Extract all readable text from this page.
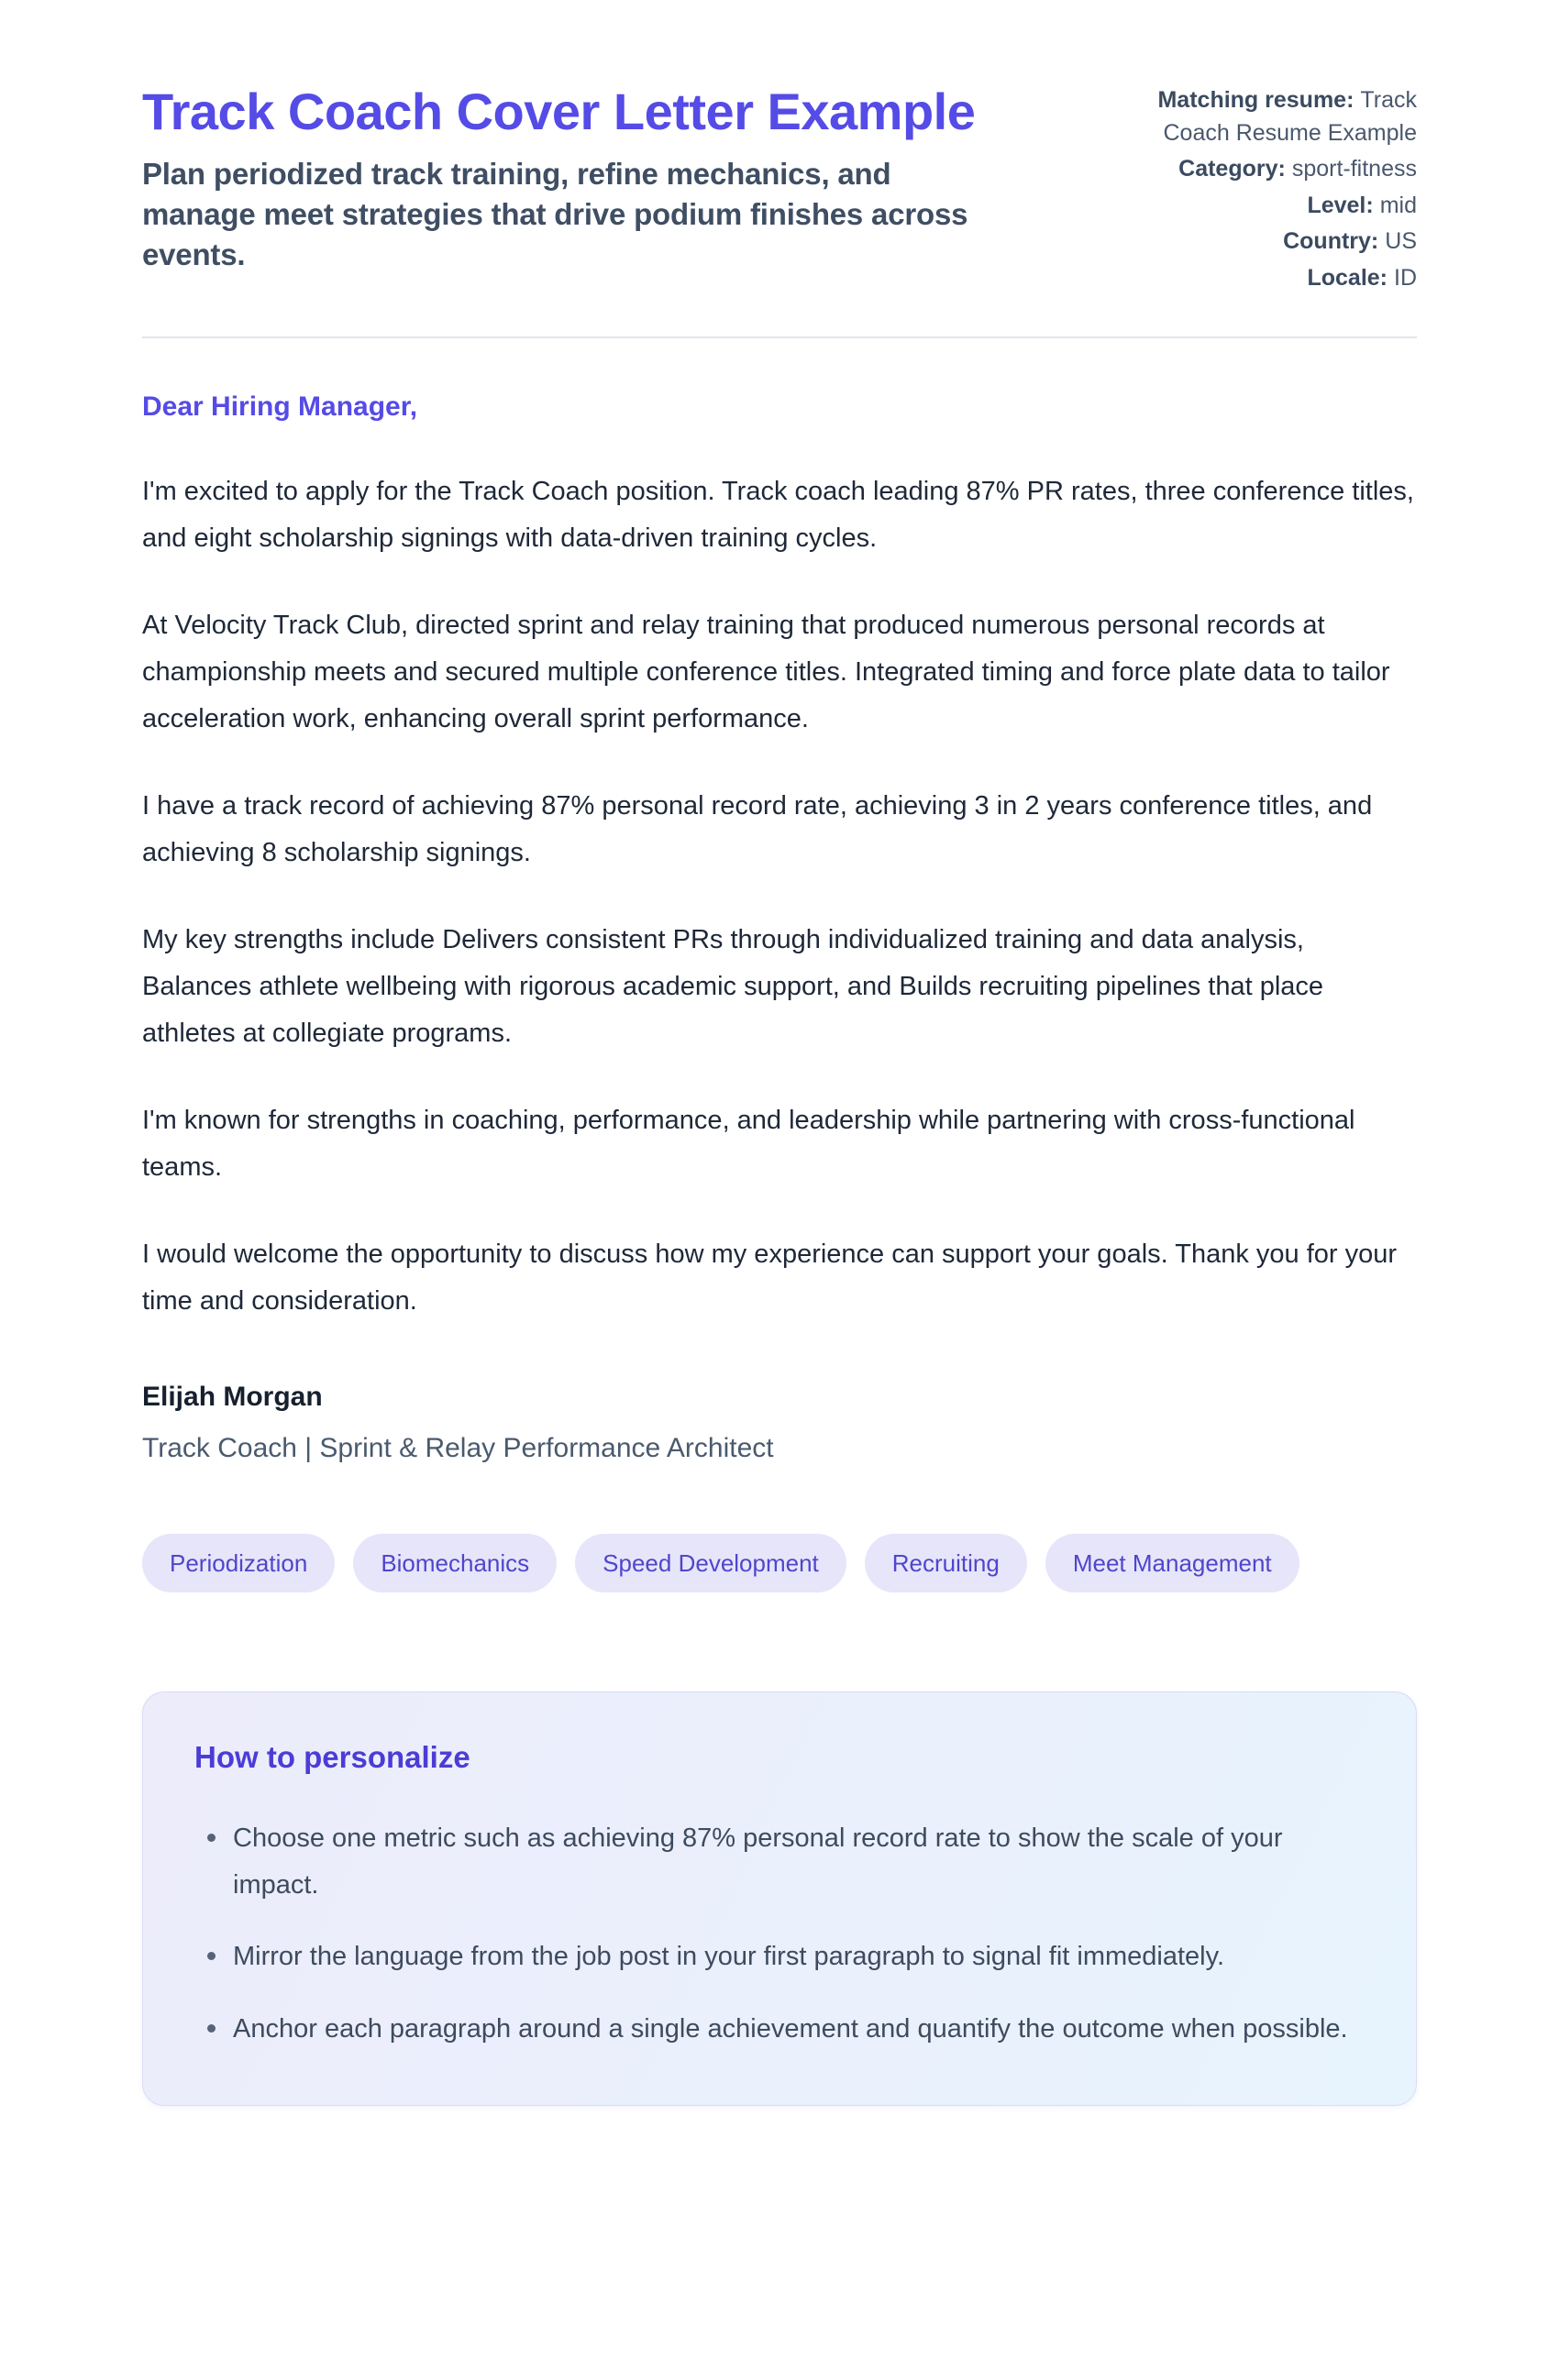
Track Coach Cover Letter Example
Plan periodized track training, refine mechanics, and manage meet strategies that drive podium finishes across events.
Matching resume: Track Coach Resume Example
Category: sport-fitness
Level: mid
Country: US
Locale: ID
Dear Hiring Manager,

I'm excited to apply for the Track Coach position. Track coach leading 87% PR rates, three conference titles, and eight scholarship signings with data-driven training cycles.

At Velocity Track Club, directed sprint and relay training that produced numerous personal records at championship meets and secured multiple conference titles. Integrated timing and force plate data to tailor acceleration work, enhancing overall sprint performance.

I have a track record of achieving 87% personal record rate, achieving 3 in 2 years conference titles, and achieving 8 scholarship signings.

My key strengths include Delivers consistent PRs through individualized training and data analysis, Balances athlete wellbeing with rigorous academic support, and Builds recruiting pipelines that place athletes at collegiate programs.

I'm known for strengths in coaching, performance, and leadership while partnering with cross-functional teams.

I would welcome the opportunity to discuss how my experience can support your goals. Thank you for your time and consideration.

Elijah Morgan
Track Coach | Sprint & Relay Performance Architect
Periodization	Biomechanics	Speed Development	Recruiting	Meet Management
How to personalize
Choose one metric such as achieving 87% personal record rate to show the scale of your impact.
Mirror the language from the job post in your first paragraph to signal fit immediately.
Anchor each paragraph around a single achievement and quantify the outcome when possible.
